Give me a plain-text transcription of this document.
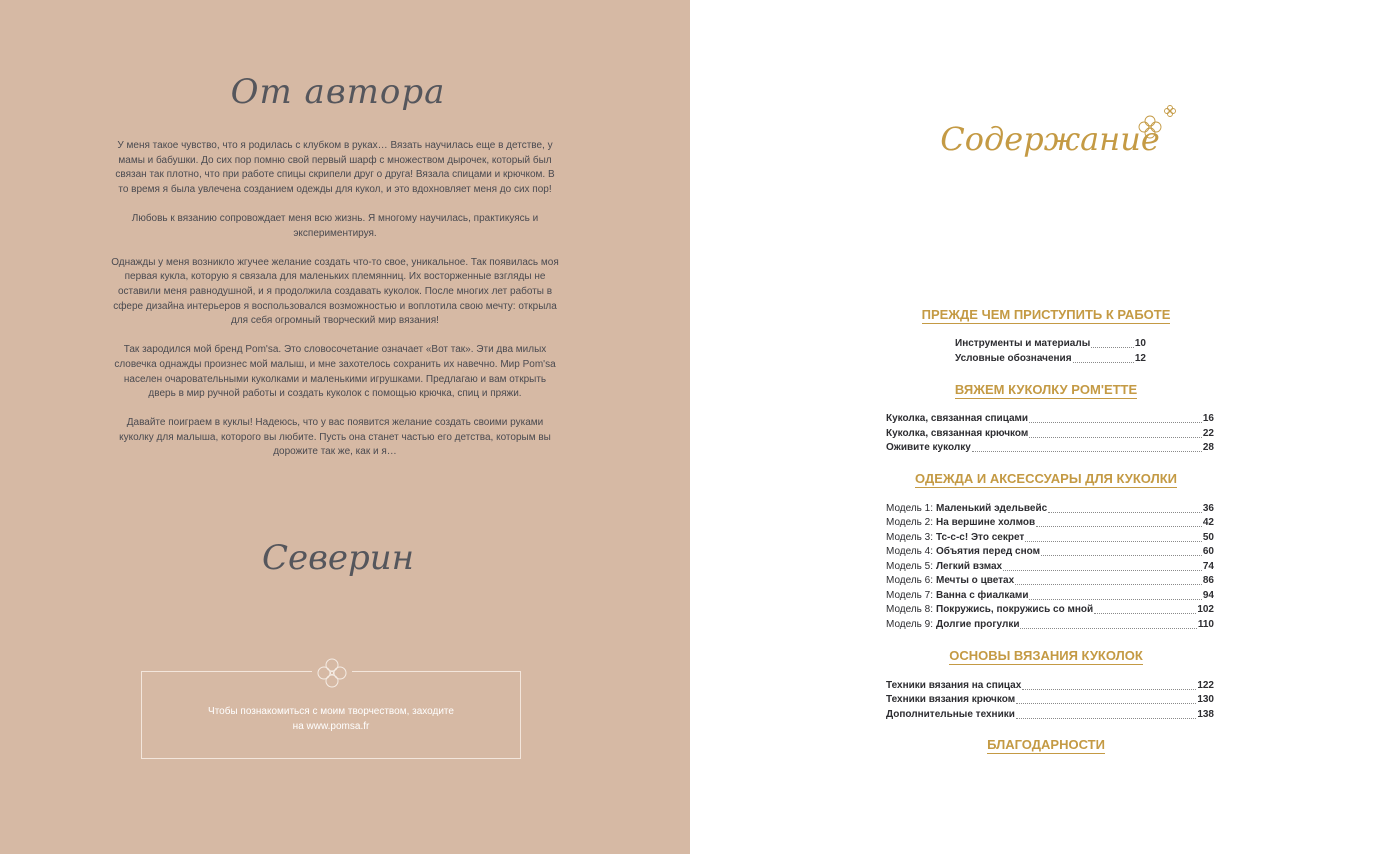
От автора

У меня такое чувство, что я родилась с клубком в руках… Вязать научилась еще в детстве, у мамы и бабушки. До сих пор помню свой первый шарф с множеством дырочек, который был связан так плотно, что при работе спицы скрипели друг о друга! Вязала спицами и крючком. В то время я была увлечена созданием одежды для кукол, и это вдохновляет меня до сих пор!

Любовь к вязанию сопровождает меня всю жизнь. Я многому научилась, практикуясь и экспериментируя.

Однажды у меня возникло жгучее желание создать что-то свое, уникальное. Так появилась моя первая кукла, которую я связала для маленьких племянниц. Их восторженные взгляды не оставили меня равнодушной, и я продолжила создавать куколок. После многих лет работы в сфере дизайна интерьеров я воспользовался возможностью и воплотила свою мечту: открыла для себя огромный творческий мир вязания!

Так зародился мой бренд Pom'sa. Это словосочетание означает «Вот так». Эти два милых словечка однажды произнес мой малыш, и мне захотелось сохранить их навечно. Мир Pom'sa населен очаровательными куколками и маленькими игрушками. Предлагаю и вам открыть дверь в мир ручной работы и создать куколок с помощью крючка, спиц и пряжи.

Давайте поиграем в куклы! Надеюсь, что у вас появится желание создать своими руками куколку для малыша, которого вы любите. Пусть она станет частью его детства, которым вы дорожите так же, как и я…

Северин
Чтобы познакомиться с моим творчеством, заходите
на www.pomsa.fr
Содержание
ПРЕЖДЕ ЧЕМ ПРИСТУПИТЬ К РАБОТЕ
Инструменты и материалы	10
Условные обозначения	12
ВЯЖЕМ КУКОЛКУ POM'ETTE
Куколка, связанная спицами	16
Куколка, связанная крючком	22
Оживите куколку	28
ОДЕЖДА И АКСЕССУАРЫ ДЛЯ КУКОЛКИ
Модель 1: Маленький эдельвейс	36
Модель 2: На вершине холмов	42
Модель 3: Тс-с-с! Это секрет	50
Модель 4: Объятия перед сном	60
Модель 5: Легкий взмах	74
Модель 6: Мечты о цветах	86
Модель 7: Ванна с фиалками	94
Модель 8: Покружись, покружись со мной	102
Модель 9: Долгие прогулки	110
ОСНОВЫ ВЯЗАНИЯ КУКОЛОК
Техники вязания на спицах	122
Техники вязания крючком	130
Дополнительные техники	138
БЛАГОДАРНОСТИ
